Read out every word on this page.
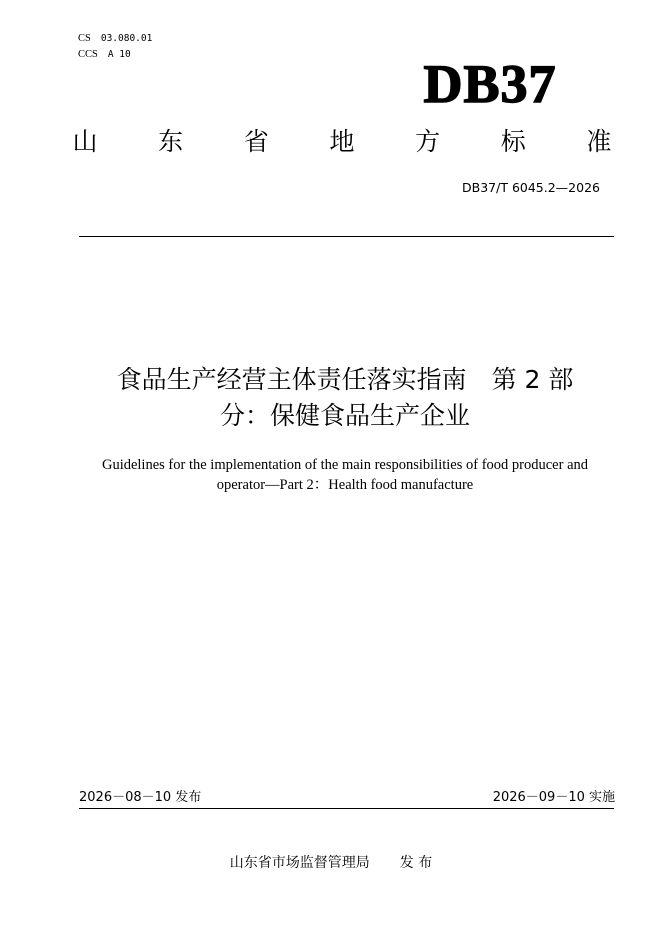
CS 03.080.01
CCS A 10	DB37
山	东	省	地	方	标	准
DB37/T 6045.2—2026
食品生产经营主体责任落实指南　第 2 部
分：保健食品生产企业
Guidelines for the implementation of the main responsibilities of food producer and
operator—Part 2：Health food manufacture
2026－08－10 发布	2026－09－10 实施
山东省市场监督管理局 发 布
